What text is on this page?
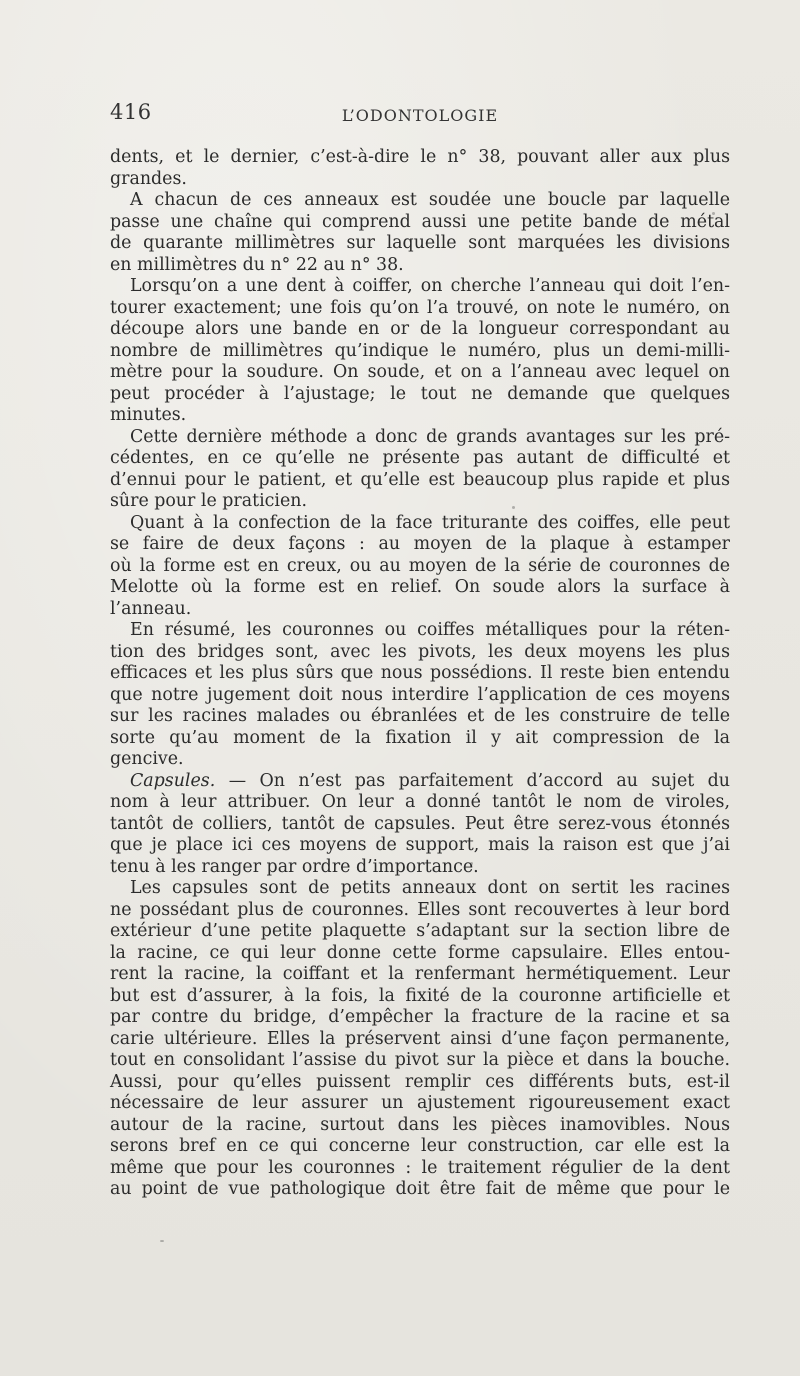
416	L’ODONTOLOGIE
dents, et le dernier, c’est-à-dire le n° 38, pouvant aller aux plus
grandes.
A chacun de ces anneaux est soudée une boucle par laquelle
passe une chaîne qui comprend aussi une petite bande de métal
de quarante millimètres sur laquelle sont marquées les divisions
en millimètres du n° 22 au n° 38.
Lorsqu’on a une dent à coiffer, on cherche l’anneau qui doit l’en-
tourer exactement; une fois qu’on l’a trouvé, on note le numéro, on
découpe alors une bande en or de la longueur correspondant au
nombre de millimètres qu’indique le numéro, plus un demi-milli-
mètre pour la soudure. On soude, et on a l’anneau avec lequel on
peut procéder à l’ajustage; le tout ne demande que quelques
minutes.
Cette dernière méthode a donc de grands avantages sur les pré-
cédentes, en ce qu’elle ne présente pas autant de difficulté et
d’ennui pour le patient, et qu’elle est beaucoup plus rapide et plus
sûre pour le praticien.
Quant à la confection de la face triturante des coiffes, elle peut
se faire de deux façons : au moyen de la plaque à estamper
où la forme est en creux, ou au moyen de la série de couronnes de
Melotte où la forme est en relief. On soude alors la surface à
l’anneau.
En résumé, les couronnes ou coiffes métalliques pour la réten-
tion des bridges sont, avec les pivots, les deux moyens les plus
efficaces et les plus sûrs que nous possédions. Il reste bien entendu
que notre jugement doit nous interdire l’application de ces moyens
sur les racines malades ou ébranlées et de les construire de telle
sorte qu’au moment de la fixation il y ait compression de la
gencive.
Capsules. — On n’est pas parfaitement d’accord au sujet du
nom à leur attribuer. On leur a donné tantôt le nom de viroles,
tantôt de colliers, tantôt de capsules. Peut être serez-vous étonnés
que je place ici ces moyens de support, mais la raison est que j’ai
tenu à les ranger par ordre d’importance.
Les capsules sont de petits anneaux dont on sertit les racines
ne possédant plus de couronnes. Elles sont recouvertes à leur bord
extérieur d’une petite plaquette s’adaptant sur la section libre de
la racine, ce qui leur donne cette forme capsulaire. Elles entou-
rent la racine, la coiffant et la renfermant hermétiquement. Leur
but est d’assurer, à la fois, la fixité de la couronne artificielle et
par contre du bridge, d’empêcher la fracture de la racine et sa
carie ultérieure. Elles la préservent ainsi d’une façon permanente,
tout en consolidant l’assise du pivot sur la pièce et dans la bouche.
Aussi, pour qu’elles puissent remplir ces différents buts, est-il
nécessaire de leur assurer un ajustement rigoureusement exact
autour de la racine, surtout dans les pièces inamovibles. Nous
serons bref en ce qui concerne leur construction, car elle est la
même que pour les couronnes : le traitement régulier de la dent
au point de vue pathologique doit être fait de même que pour le
